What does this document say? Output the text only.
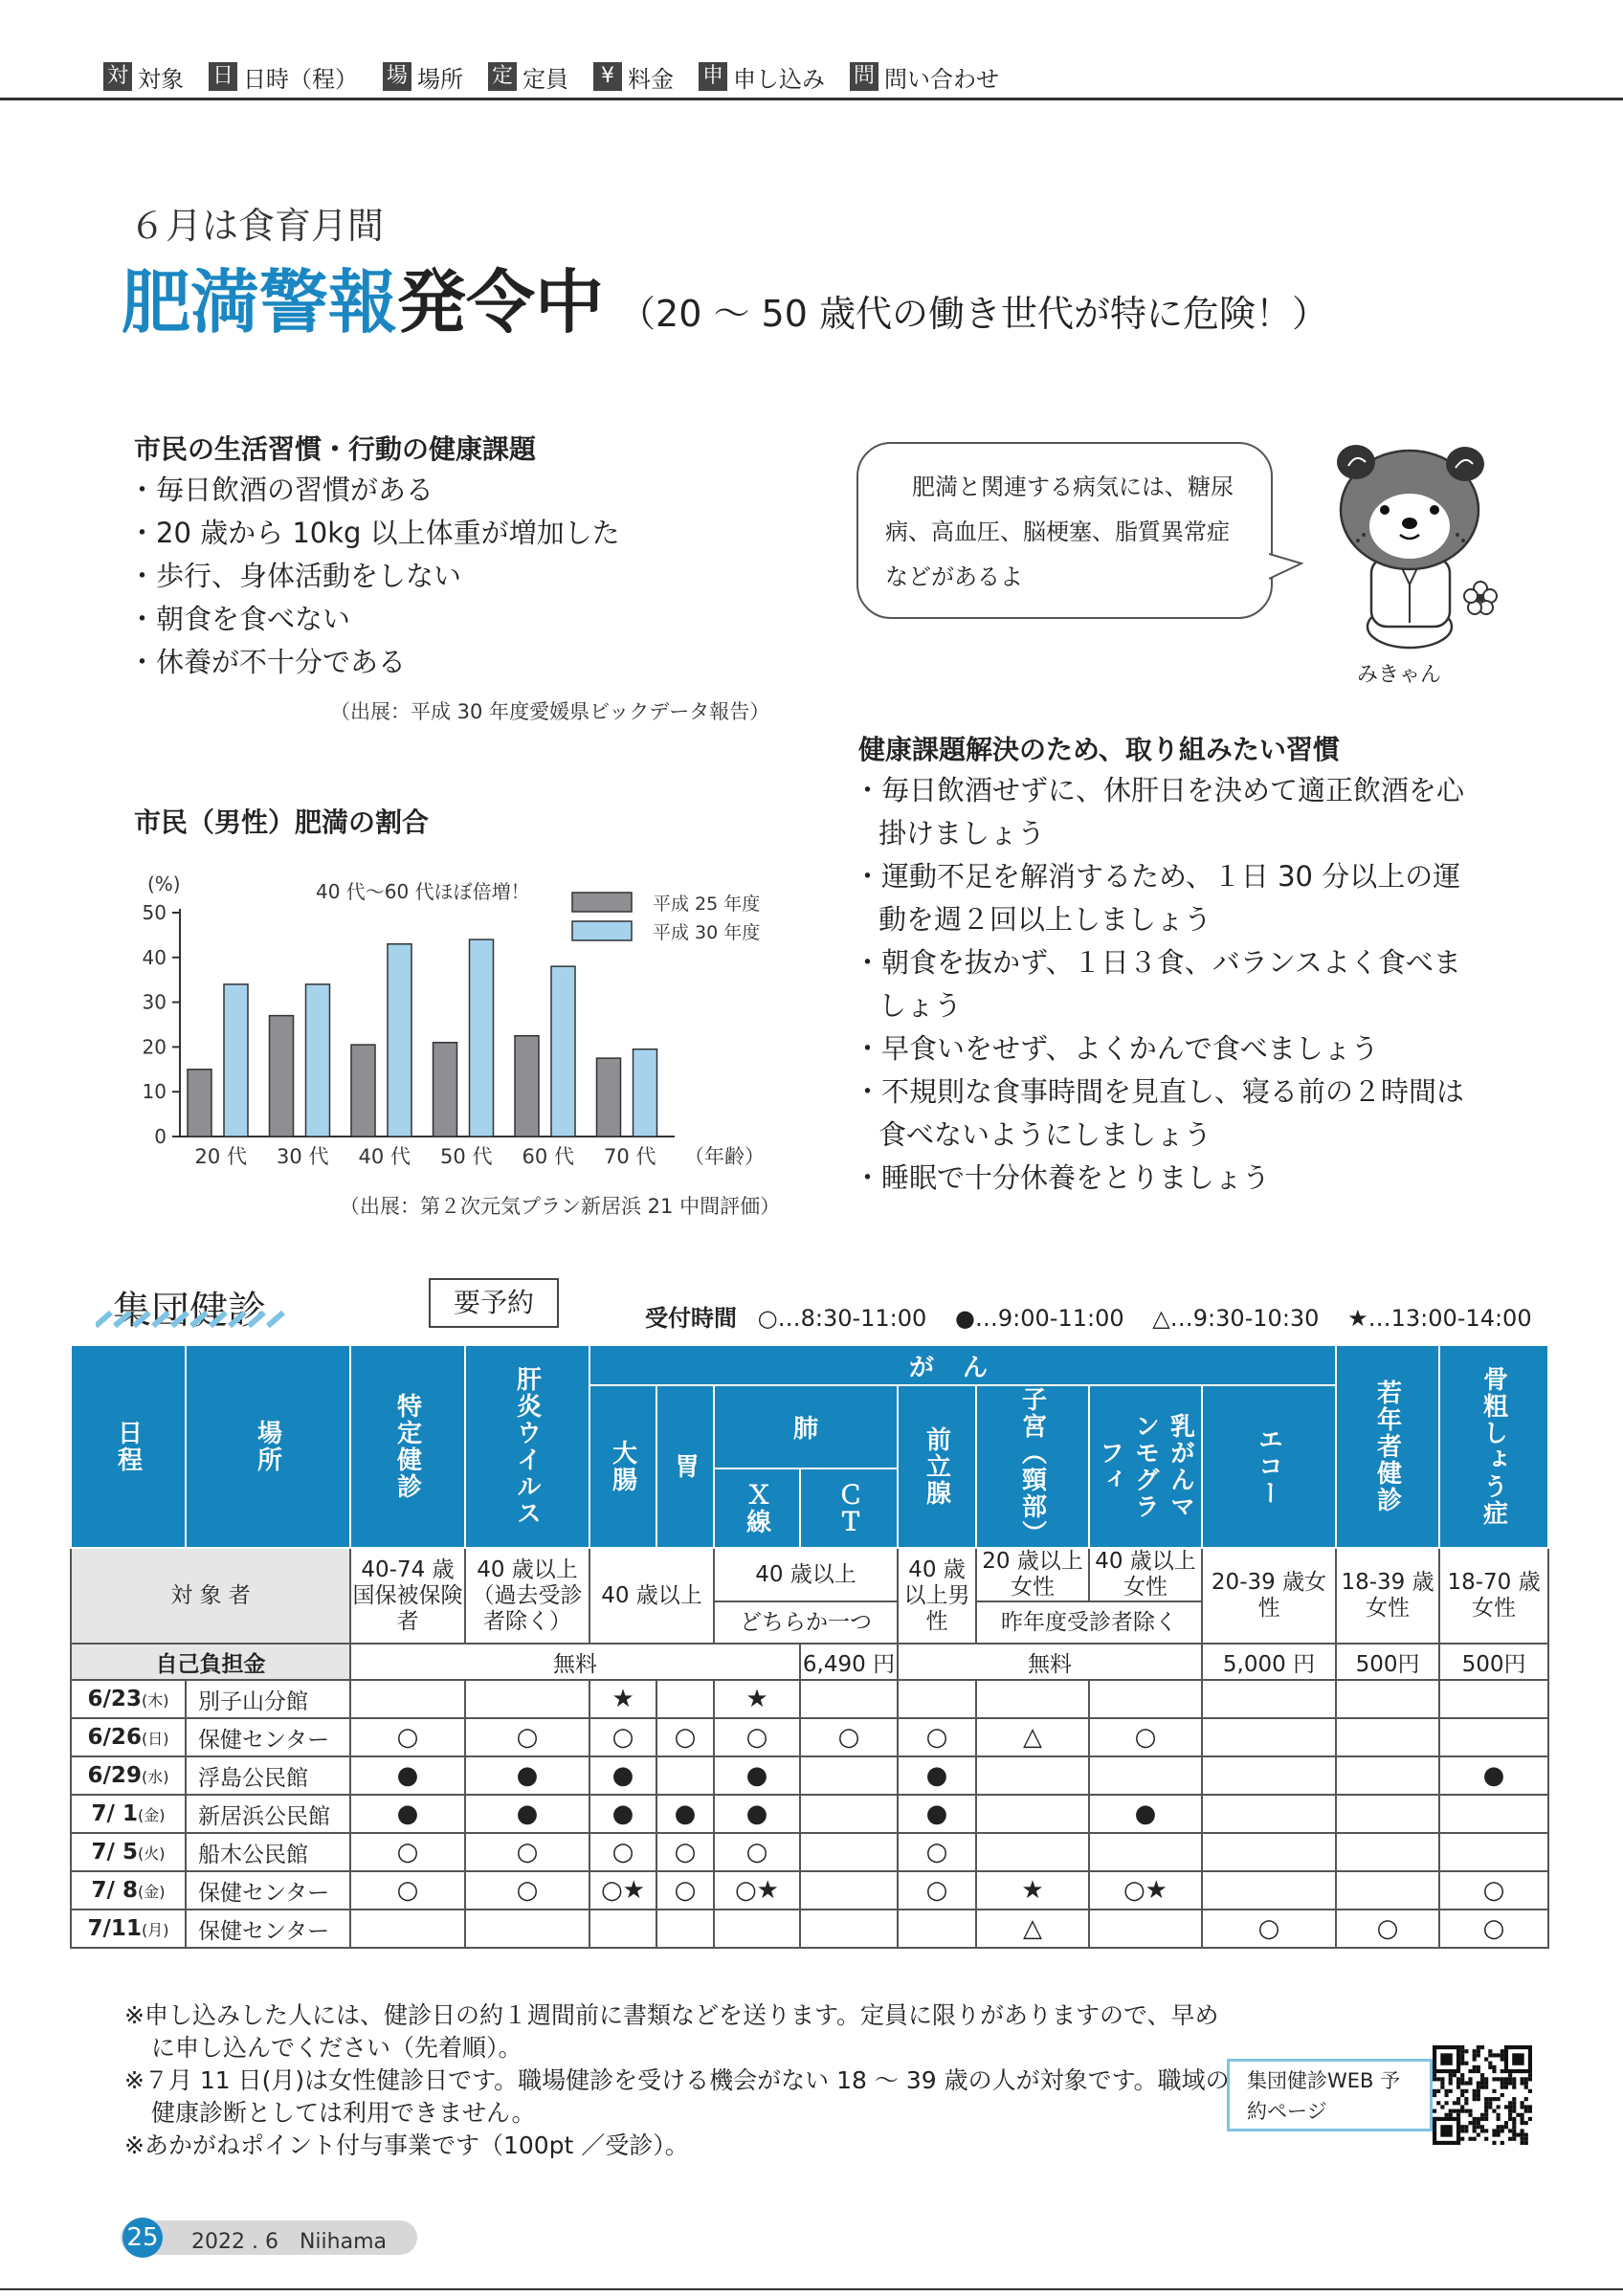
対 対象 日 日時（程） 場 場所 定 定員	¥ 料金 申 申し込み 問 問い合わせ
６月は食育月間
肥満警報発令中 （20 ～ 50 歳代の働き世代が特に危険！）
市民の生活習慣・行動の健康課題
・ 毎日飲酒の習慣がある
・ 20 歳から 10kg 以上体重が増加した
・ 歩行、身体活動をしない
・ 朝食を食べない
・ 休養が不十分である
（出展：平成 30 年度愛媛県ビックデータ報告）
肥満と関連する病気には、糖尿病、高血圧、脳梗塞、脂質異常症などがあるよ
みきゃん
健康課題解決のため、取り組みたい習慣
・ 毎日飲酒せずに、休肝日を決めて適正飲酒を心掛けましょう
・ 運動不足を解消するため、１日 30 分以上の運動を週２回以上しましょう
・ 朝食を抜かず、１日３食、バランスよく食べましょう
・ 早食いをせず、よくかんで食べましょう
・ 不規則な食事時間を見直し、寝る前の２時間は食べないようにしましょう
・ 睡眠で十分休養をとりましょう
市民（男性）肥満の割合
0
10
20
30
40
50
(%)
20 代 30 代 40 代 50 代 60 代 70 代 （年齢）
40 代～60 代ほぼ倍増！
平成 25 年度
平成 30 年度
（出展：第２次元気プラン新居浜 21 中間評価）
集団健診	要予約	受付時間 ○…8:30-11:00 ●…9:00-11:00 △…9:30-10:30 ★…13:00-14:00
日程	場所	特定健診	肝炎ウイルス	がん								若年者健診	骨粗しょう症

				大腸	胃	肺		前立腺	子宮（頸部）	乳がんマンモグラフィ	エコー		

						Ｘ線	ＣＴ						

対 象 者		40-74 歳国保被保険者	40 歳以上（過去受診者除く）	40 歳以上		40 歳以上		40 歳以上男性	20 歳以上女性	40 歳以上女性	20-39 歳女性	18-39 歳女性	18-70 歳女性
						どちらか一つ			昨年度受診者除く				
自己負担金		無料					6,490 円	無料			5,000 円	500円	500円
6/23(木)	別子山分館			★		★							
6/26(日)	保健センター	○	○	○	○	○	○	○	△	○			
6/29(水)	浮島公民館	●	●	●		●		●					●
7/ 1(金)	新居浜公民館	●	●	●	●	●		●		●			
7/ 5(火)	船木公民館	○	○	○	○	○		○					
7/ 8(金)	保健センター	○	○	○★	○	○★		○	★	○★			○
7/11(月)	保健センター								△		○	○	○

※申し込みした人には、健診日の約１週間前に書類などを送ります。定員に限りがありますので、早めに申し込んでください（先着順）。

※７月 11 日(月)は女性健診日です。職場健診を受ける機会がない 18 ～ 39 歳の人が対象です。職域の健康診断としては利用できません。

※あかがねポイント付与事業です（100pt ／受診）。

集団健診WEB 予約ページ
25 2022 . 6　Niihama
